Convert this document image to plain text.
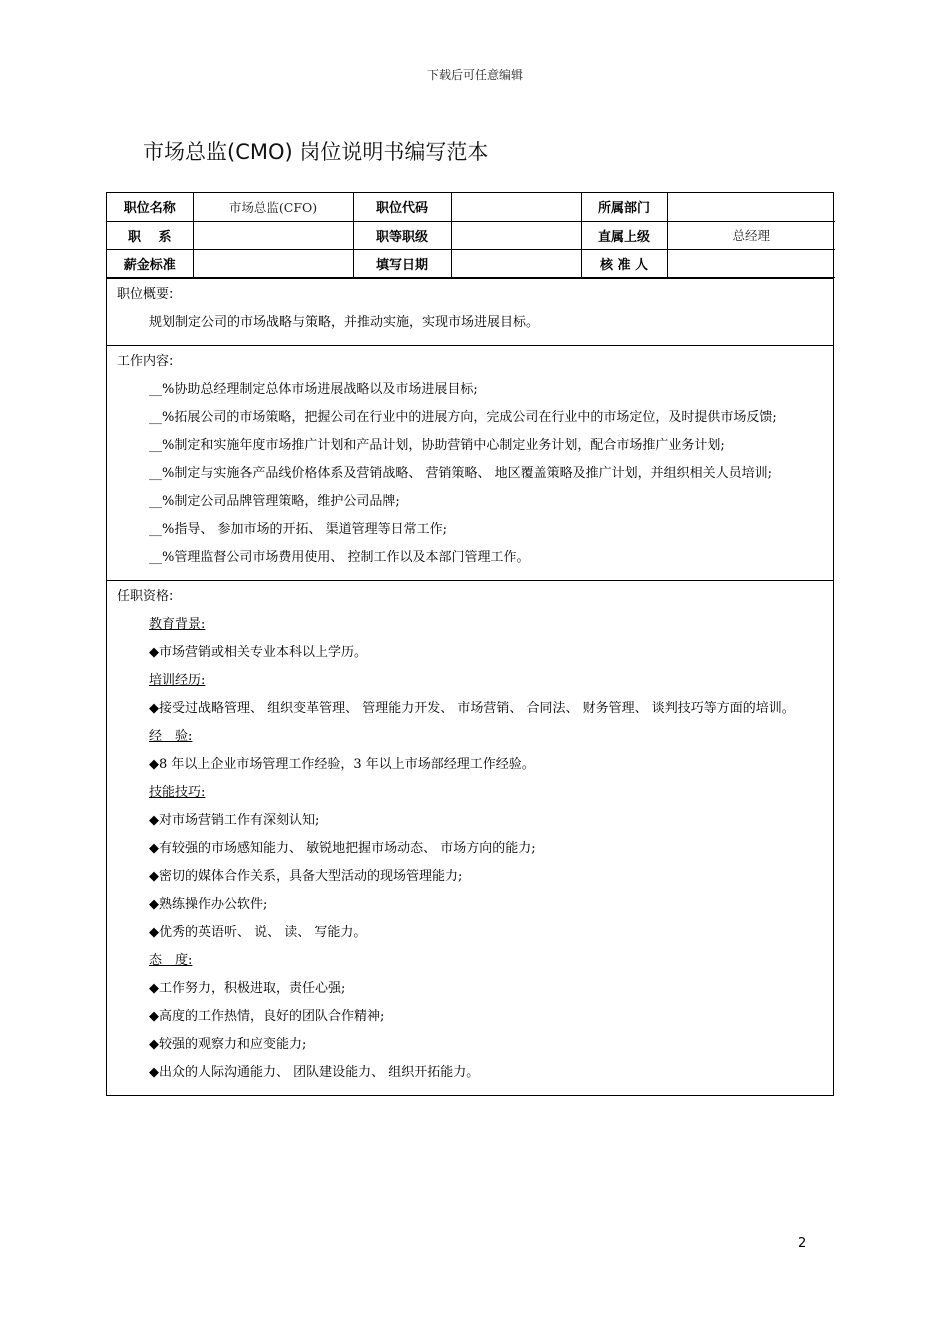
下载后可任意编辑
市场总监(CMO) 岗位说明书编写范本
职位名称	市场总监(CFO)	职位代码		所属部门	
职　 系		职等职级		直属上级	总经理
薪金标准		填写日期		核 准 人	
职位概要:
规划制定公司的市场战略与策略，并推动实施，实现市场进展目标。
工作内容:
__%协助总经理制定总体市场进展战略以及市场进展目标;
__%拓展公司的市场策略，把握公司在行业中的进展方向，完成公司在行业中的市场定位，及时提供市场反馈;
__%制定和实施年度市场推广计划和产品计划，协助营销中心制定业务计划，配合市场推广业务计划;
__%制定与实施各产品线价格体系及营销战略、 营销策略、 地区覆盖策略及推广计划，并组织相关人员培训;
__%制定公司品牌管理策略，维护公司品牌;
__%指导、 参加市场的开拓、 渠道管理等日常工作;
__%管理监督公司市场费用使用、 控制工作以及本部门管理工作。
任职资格:
教育背景:
◆市场营销或相关专业本科以上学历。
培训经历:
◆接受过战略管理、 组织变革管理、 管理能力开发、 市场营销、 合同法、 财务管理、 谈判技巧等方面的培训。
经　验:
◆8 年以上企业市场管理工作经验，3 年以上市场部经理工作经验。
技能技巧:
◆对市场营销工作有深刻认知;
◆有较强的市场感知能力、 敏锐地把握市场动态、 市场方向的能力;
◆密切的媒体合作关系，具备大型活动的现场管理能力;
◆熟练操作办公软件;
◆优秀的英语听、 说、 读、 写能力。
态　度:
◆工作努力，积极进取，责任心强;
◆高度的工作热情，良好的团队合作精神;
◆较强的观察力和应变能力;
◆出众的人际沟通能力、 团队建设能力、 组织开拓能力。
2
